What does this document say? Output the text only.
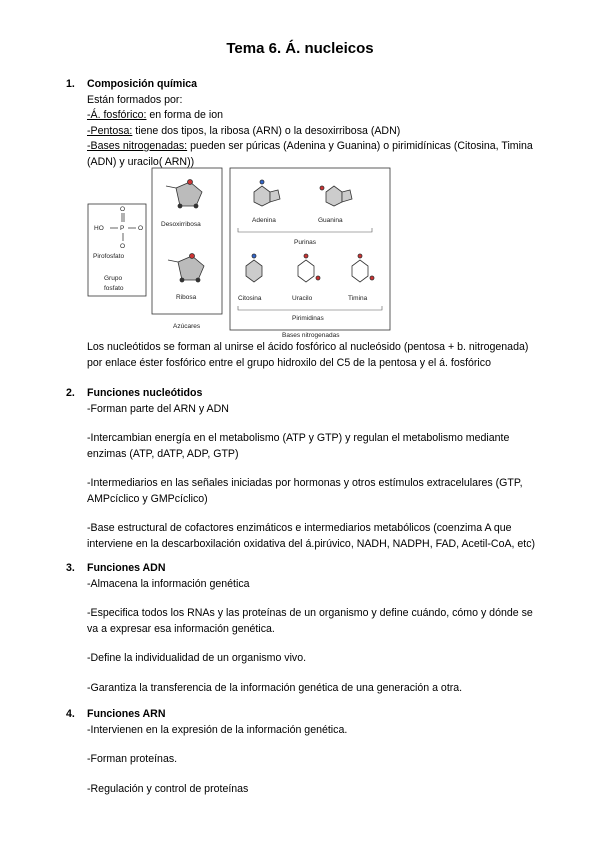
Tema 6. Á. nucleicos
1. Composición química
Están formados por:
-Á. fosfórico: en forma de ion
-Pentosa: tiene dos tipos, la ribosa (ARN) o la desoxirribosa (ADN)
-Bases nitrogenadas: pueden ser púricas (Adenina y Guanina) o pirimidínicas (Citosina, Timina (ADN) y uracilo( ARN))
O
HO	P O
O
Pirofosfato
Grupo fosfato
Desoxirribosa
Ribosa
Azúcares
Adenina	Guanina
Purinas
Citosina	Uracilo	Timina
Pirimidinas
Bases nitrogenadas
Los nucleótidos se forman al unirse el ácido fosfórico al nucleósido (pentosa + b. nitrogenada) por enlace éster fosfórico entre el grupo hidroxilo del C5 de la pentosa y el á. fosfórico
2. Funciones nucleótidos
-Forman parte del ARN y ADN
-Intercambian energía en el metabolismo (ATP y GTP) y regulan el metabolismo mediante enzimas (ATP, dATP, ADP, GTP)
-Intermediarios en las señales iniciadas por hormonas y otros estímulos extracelulares (GTP, AMPcíclico y GMPcíclico)
-Base estructural de cofactores enzimáticos e intermediarios metabólicos (coenzima A que interviene en la descarboxilación oxidativa del á.pirúvico, NADH, NADPH, FAD, Acetil-CoA, etc)
3. Funciones ADN
-Almacena la información genética
-Especifica todos los RNAs y las proteínas de un organismo y define cuándo, cómo y dónde se va a expresar esa información genética.
-Define la individualidad de un organismo vivo.
-Garantiza la transferencia de la información genética de una generación a otra.
4. Funciones ARN
-Intervienen en la expresión de la información genética.
-Forman proteínas.
-Regulación y control de proteínas
